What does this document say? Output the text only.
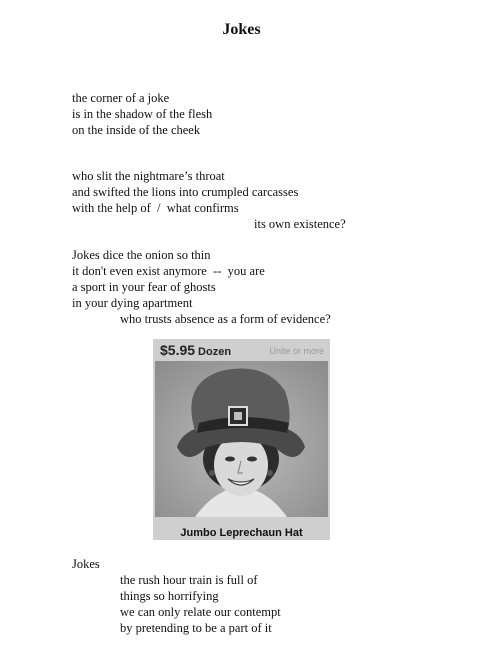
Jokes
the corner of a joke
is in the shadow of the flesh
on the inside of the cheek
who slit the nightmare’s throat
and swifted the lions into crumpled carcasses
with the help of  /  what confirms
its own existence?
Jokes dice the onion so thin
it don't even exist anymore  --  you are
a sport in your fear of ghosts
in your dying apartment
who trusts absence as a form of evidence?
$5.95 Dozen	Unite or more
Jumbo Leprechaun Hat
Jokes
the rush hour train is full of
things so horrifying
we can only relate our contempt
by pretending to be a part of it
